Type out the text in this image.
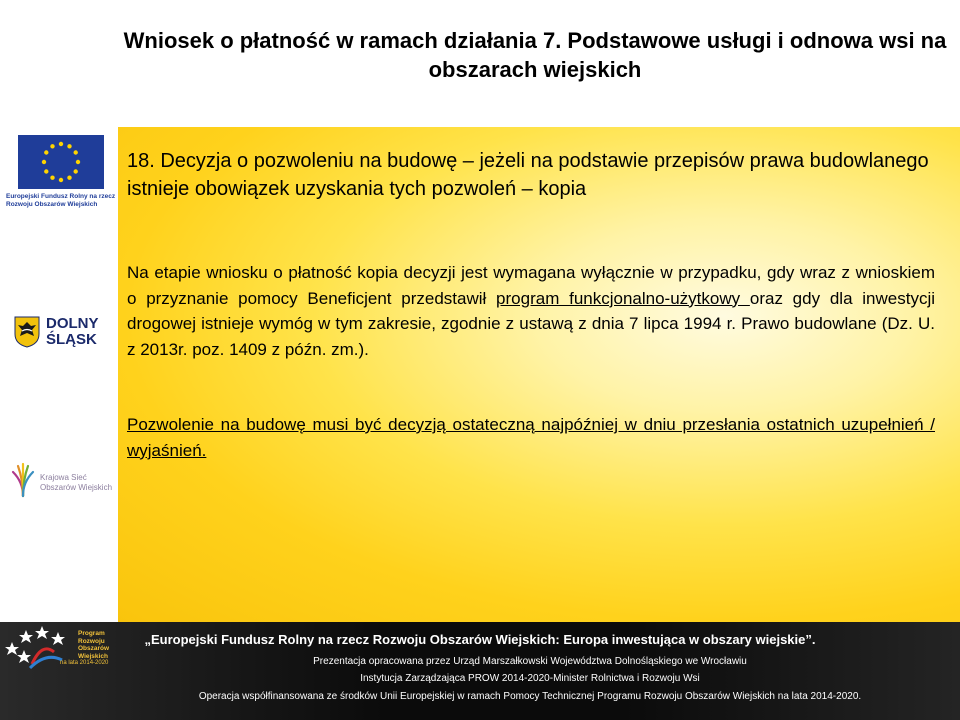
Wniosek o płatność w ramach działania 7. Podstawowe usługi i odnowa wsi na obszarach wiejskich
Europejski Fundusz Rolny na rzecz Rozwoju Obszarów Wiejskich
DOLNY
ŚLĄSK
Krajowa Sieć
Obszarów Wiejskich
Program
Rozwoju
Obszarów
Wiejskich
na lata 2014-2020
18. Decyzja o pozwoleniu na budowę – jeżeli na podstawie przepisów prawa budowlanego istnieje obowiązek uzyskania tych pozwoleń – kopia
Na etapie wniosku o płatność kopia decyzji jest wymagana wyłącznie w przypadku, gdy wraz z wnioskiem o przyznanie pomocy Beneficjent przedstawił program funkcjonalno-użytkowy oraz gdy dla inwestycji drogowej istnieje wymóg w tym zakresie, zgodnie z ustawą z dnia 7 lipca 1994 r. Prawo budowlane (Dz. U. z 2013r. poz. 1409 z późn. zm.).
Pozwolenie na budowę musi być decyzją ostateczną najpóźniej w dniu przesłania ostatnich uzupełnień / wyjaśnień.
„Europejski Fundusz Rolny na rzecz Rozwoju Obszarów Wiejskich: Europa inwestująca w obszary wiejskie”.
Prezentacja opracowana przez Urząd Marszałkowski Województwa Dolnośląskiego we Wrocławiu
Instytucja Zarządzająca PROW 2014-2020-Minister Rolnictwa i Rozwoju Wsi
Operacja współfinansowana ze środków Unii Europejskiej w ramach Pomocy Technicznej Programu Rozwoju Obszarów Wiejskich na lata 2014-2020.
